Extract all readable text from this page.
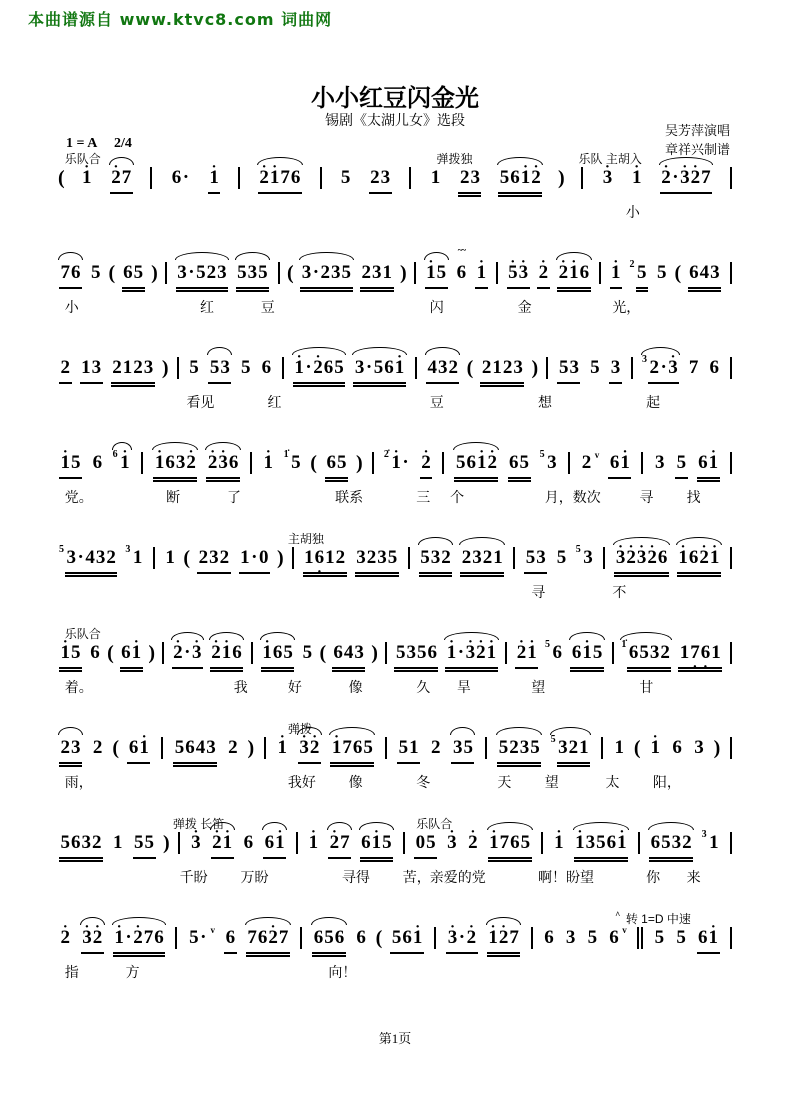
本曲谱源自 www.ktvc8.com 词曲网
小小红豆闪金光
锡剧《太湖儿女》选段
吴芳萍演唱
章祥兴制谱
1 = A 2/4
乐队合	弹拨独	乐队 主胡入
( 1 · 2 · 7 6 · 1 · 2 · 1 · 7 6 5 2 3 1 2 3 5 6 1 · 2 · ) 3 · 1 · 2 · · 3 · 2 · 7
小
7 6 5 ( 6 5 ) 3 · 5 2 3 5 3 5 ( 3 · 2 3 5 2 3 1 ) 1 · 5
~~
6 1 · 5 · 3 · 2 · 2 · 1 · 6 1 · 2 5 5 ( 6 4 3
小	红	豆	闪	金	光，
2 1 3 2 1 2 3 ) 5 5 3 5 6 1 · · 2 · 6 5 3 · 5 6 1 · 4 3 2 ( 2 1 2 3 ) 5 3 5 3 3 2 · 3 · 7 6
看见	红	豆	想	起
1 · 5 6 6 1 · 1 · 6 3 2 · 2 · 3 · 6 1 · 1̇ 5 ( 6 5 ) 2̇ 1 · · 2 · 5 6 1 · 2 · 6 5 5 3 2 v 6 1 · 3 5 6 1 ·
党。	断	了	联系	三 个	月，数次	寻 找
主胡独
5 3 · 4 3 2 3 1 1 ( 2 3 2 1 · 0 ) 1 6 · 1 2 3 2 3 5 5 3 2 2 3 2 1 5 3 5 5 3 3 · 2 · 3 · 2 · 6 1 · 6 2 · 1 ·
寻	不
乐队合
1 · 5 6 ( 6 1 · ) 2 · · 3 · 2 · 1 · 6 1 · 6 5 5 ( 6 4 3 ) 5 3 5 6 1 · · 3 · 2 · 1 · 2 · 1 · 5 6 6 1 · 5 1̇ 6 5 3 2 1 7 · 6 · 1
着。	我	好	像	久 旱	望	甘
弹拨
2 3 2 ( 6 1 · 5 6 4 3 2 ) 1 · 3 · 2 · 1 · 7 6 5 5 1 2 3 5 5 2 3 5 5 3 2 1 1 ( 1 · 6 3 )
雨，	我好 像	冬	天 望	太 阳，
弹拨 长笛	乐队合
5 6 3 2 1 5 5 ) 3 · 2 · 1 · 6 6 1 · 1 · 2 · 7 6 1 · 5 0 5 3 · 2 · 1 · 7 6 5 1 · 1 · 3 5 6 1 · 6 5 3 2 3 1
千盼 万盼	寻得 苦， 亲爱的党	啊！盼望	你 来
转 1=D 中速
2 · 3 · 2 · 1 · · 2 · 7 6 5 · v 6 7 6 2 · 7 6 5 6 6 ( 5 6 1 · 3 · · 2 · 1 · 2 · 7 6 3 5
^
6 v 5 5 6 1 ·
指	方	向！
第1页
